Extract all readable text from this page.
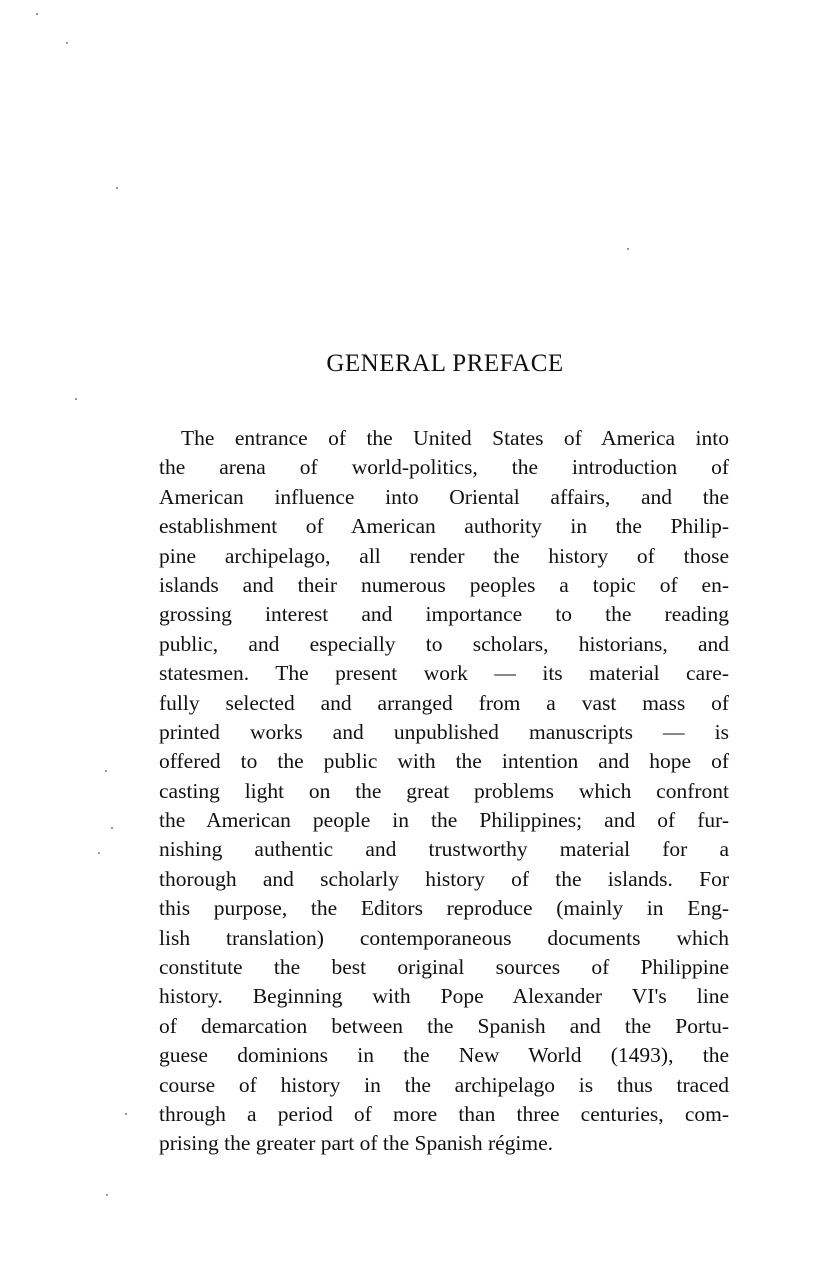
GENERAL PREFACE
The entrance of the United States of America into
the arena of world-politics, the introduction of
American influence into Oriental affairs, and the
establishment of American authority in the Philip-
pine archipelago, all render the history of those
islands and their numerous peoples a topic of en-
grossing interest and importance to the reading
public, and especially to scholars, historians, and
statesmen. The present work — its material care-
fully selected and arranged from a vast mass of
printed works and unpublished manuscripts — is
offered to the public with the intention and hope of
casting light on the great problems which confront
the American people in the Philippines; and of fur-
nishing authentic and trustworthy material for a
thorough and scholarly history of the islands. For
this purpose, the Editors reproduce (mainly in Eng-
lish translation) contemporaneous documents which
constitute the best original sources of Philippine
history. Beginning with Pope Alexander VI's line
of demarcation between the Spanish and the Portu-
guese dominions in the New World (1493), the
course of history in the archipelago is thus traced
through a period of more than three centuries, com-
prising the greater part of the Spanish régime.
